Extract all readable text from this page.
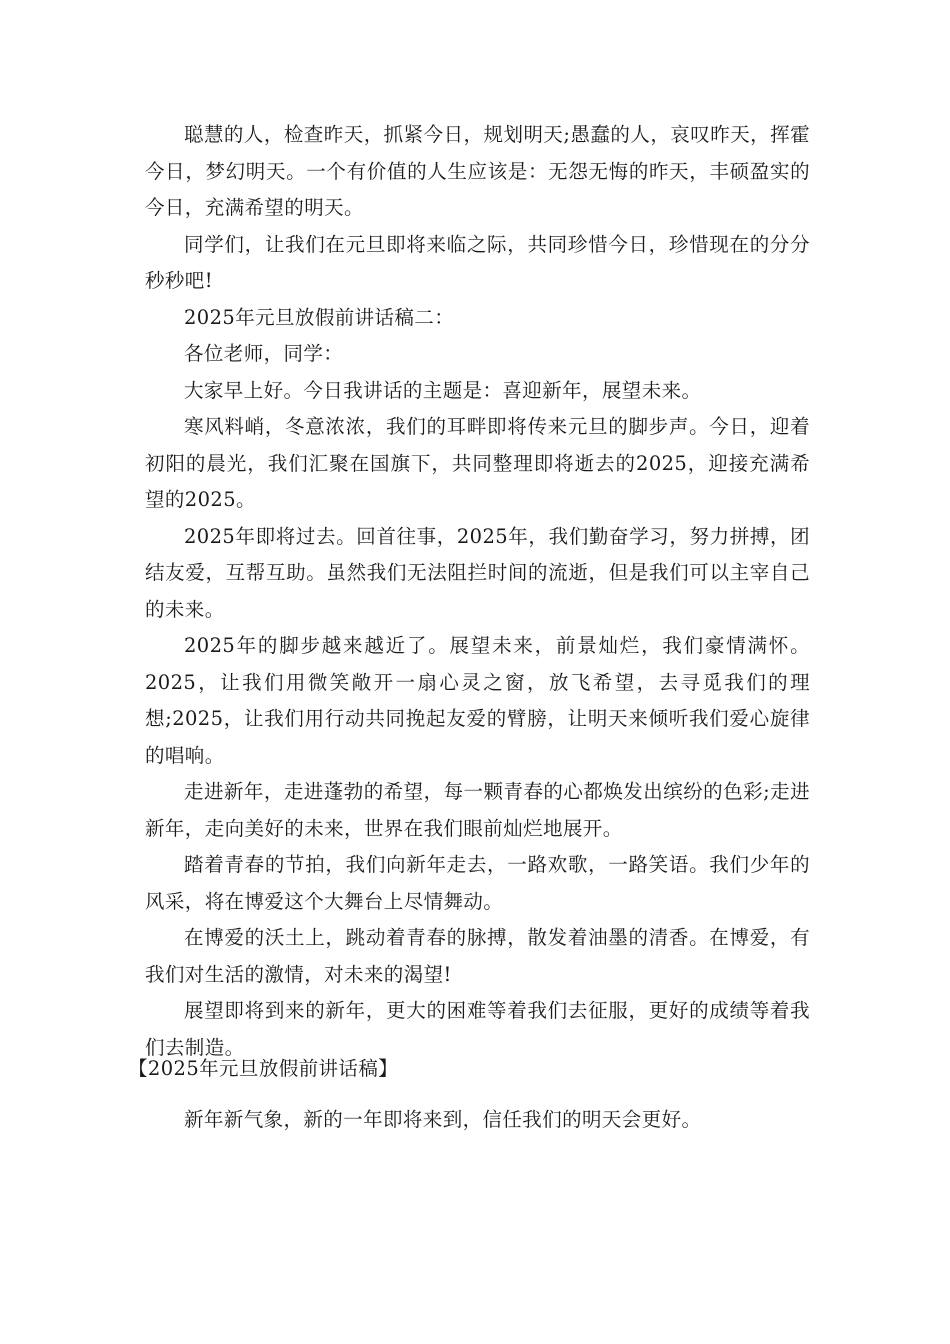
聪慧的人，检查昨天，抓紧今日，规划明天;愚蠢的人，哀叹昨天，挥霍今日，梦幻明天。一个有价值的人生应该是：无怨无悔的昨天，丰硕盈实的今日，充满希望的明天。

同学们，让我们在元旦即将来临之际，共同珍惜今日，珍惜现在的分分秒秒吧!

2025年元旦放假前讲话稿二：

各位老师，同学：

大家早上好。今日我讲话的主题是：喜迎新年，展望未来。

寒风料峭，冬意浓浓，我们的耳畔即将传来元旦的脚步声。今日，迎着初阳的晨光，我们汇聚在国旗下，共同整理即将逝去的2025，迎接充满希望的2025。

2025年即将过去。回首往事，2025年，我们勤奋学习，努力拼搏，团结友爱，互帮互助。虽然我们无法阻拦时间的流逝，但是我们可以主宰自己的未来。

2025年的脚步越来越近了。展望未来，前景灿烂，我们豪情满怀。2025，让我们用微笑敞开一扇心灵之窗，放飞希望，去寻觅我们的理想;2025，让我们用行动共同挽起友爱的臂膀，让明天来倾听我们爱心旋律的唱响。

走进新年，走进蓬勃的希望，每一颗青春的心都焕发出缤纷的色彩;走进新年，走向美好的未来，世界在我们眼前灿烂地展开。

踏着青春的节拍，我们向新年走去，一路欢歌，一路笑语。我们少年的风采，将在博爱这个大舞台上尽情舞动。

在博爱的沃土上，跳动着青春的脉搏，散发着油墨的清香。在博爱，有我们对生活的激情，对未来的渴望!

展望即将到来的新年，更大的困难等着我们去征服，更好的成绩等着我们去制造。

新年新气象，新的一年即将来到，信任我们的明天会更好。

【2025年元旦放假前讲话稿】
